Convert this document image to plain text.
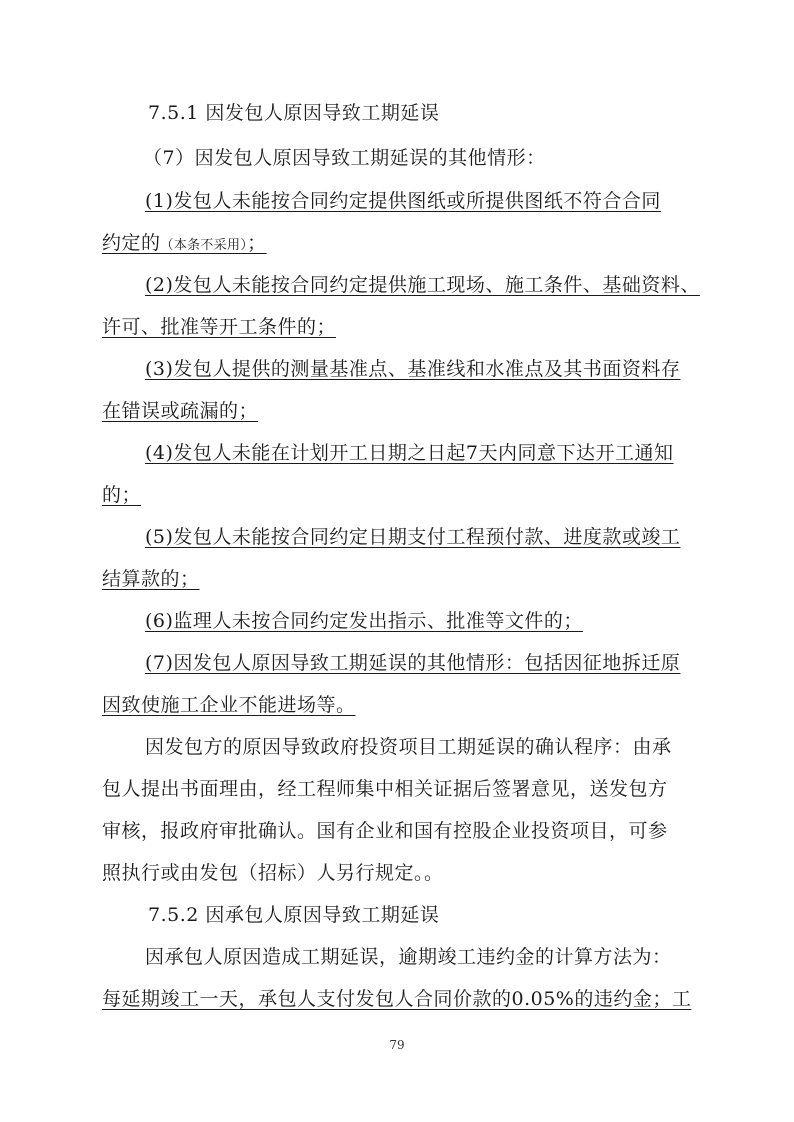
7.5.1 因发包人原因导致工期延误
（7）因发包人原因导致工期延误的其他情形：
(1)发包人未能按合同约定提供图纸或所提供图纸不符合合同
约定的（本条不采用）；
(2)发包人未能按合同约定提供施工现场、施工条件、基础资料、
许可、批准等开工条件的；
(3)发包人提供的测量基准点、基准线和水准点及其书面资料存
在错误或疏漏的；
(4)发包人未能在计划开工日期之日起7天内同意下达开工通知
的；
(5)发包人未能按合同约定日期支付工程预付款、进度款或竣工
结算款的；
(6)监理人未按合同约定发出指示、批准等文件的；
(7)因发包人原因导致工期延误的其他情形：包括因征地拆迁原
因致使施工企业不能进场等。
因发包方的原因导致政府投资项目工期延误的确认程序：由承
包人提出书面理由，经工程师集中相关证据后签署意见，送发包方
审核，报政府审批确认。国有企业和国有控股企业投资项目，可参
照执行或由发包（招标）人另行规定。。
7.5.2 因承包人原因导致工期延误
因承包人原因造成工期延误，逾期竣工违约金的计算方法为：
每延期竣工一天，承包人支付发包人合同价款的0.05%的违约金；工
79
